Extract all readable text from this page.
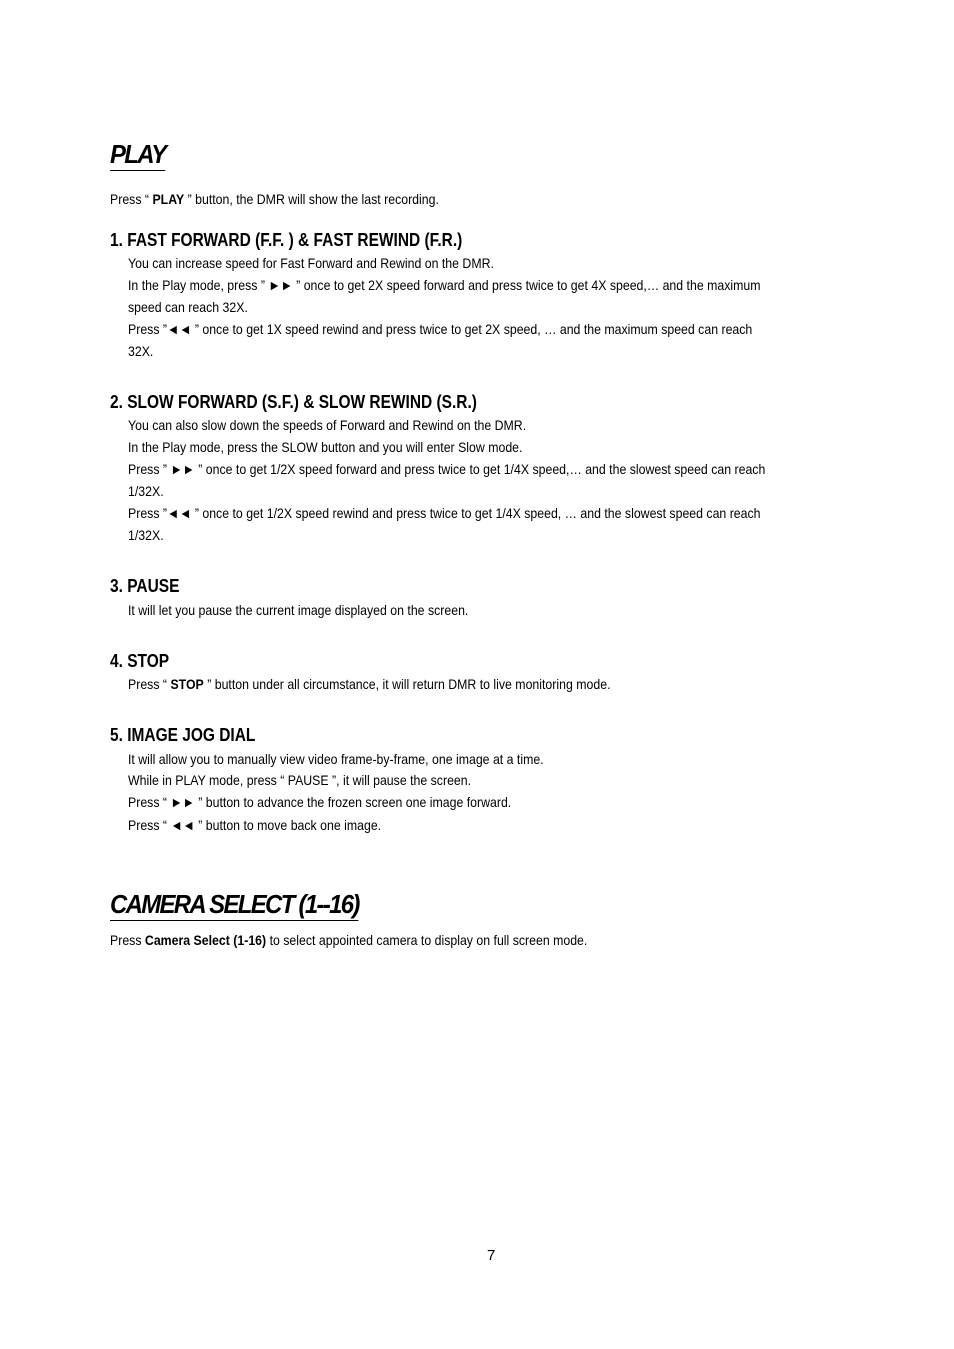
PLAY

Press “ PLAY ” button, the DMR will show the last recording.

1. FAST FORWARD (F.F. ) & FAST REWIND (F.R.)

You can increase speed for Fast Forward and Rewind on the DMR.

In the Play mode, press ” ►► ” once to get 2X speed forward and press twice to get 4X speed,… and the maximum

speed can reach 32X.

Press ”◄◄ ” once to get 1X speed rewind and press twice to get 2X speed, … and the maximum speed can reach

32X.

2. SLOW FORWARD (S.F.) & SLOW REWIND (S.R.)

You can also slow down the speeds of Forward and Rewind on the DMR.

In the Play mode, press the SLOW button and you will enter Slow mode.

Press ” ►► ” once to get 1/2X speed forward and press twice to get 1/4X speed,… and the slowest speed can reach

1/32X.

Press ”◄◄ ” once to get 1/2X speed rewind and press twice to get 1/4X speed, … and the slowest speed can reach

1/32X.

3. PAUSE

It will let you pause the current image displayed on the screen.

4. STOP

Press “ STOP ” button under all circumstance, it will return DMR to live monitoring mode.

5. IMAGE JOG DIAL

It will allow you to manually view video frame-by-frame, one image at a time.

While in PLAY mode, press “ PAUSE ”, it will pause the screen.

Press “ ►► ” button to advance the frozen screen one image forward.

Press “ ◄◄ ” button to move back one image.

CAMERA SELECT (1--16)

Press Camera Select (1-16) to select appointed camera to display on full screen mode.

7
